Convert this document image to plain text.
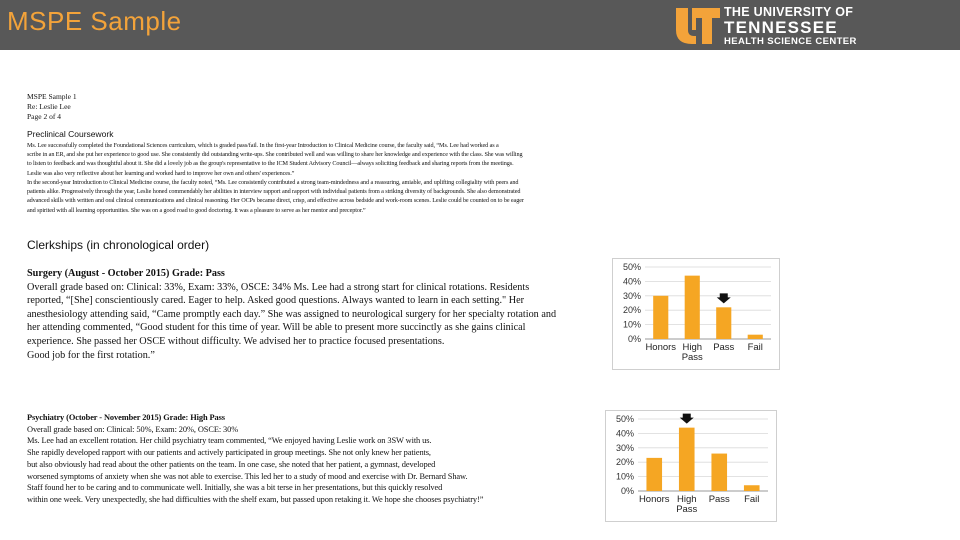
MSPE Sample	THE UNIVERSITY OF
TENNESSEE
HEALTH SCIENCE CENTER
MSPE Sample 1
Re: Leslie Lee
Page 2 of 4
Preclinical Coursework
Ms. Lee successfully completed the Foundational Sciences curriculum, which is graded pass/fail. In the first-year Introduction to Clinical Medicine course, the faculty said, “Ms. Lee had worked as a
scribe in an ER, and she put her experience to good use. She consistently did outstanding write-ups. She contributed well and was willing to share her knowledge and experience with the class. She was willing
to listen to feedback and was thoughtful about it. She did a lovely job as the group's representative to the ICM Student Advisory Council—always soliciting feedback and sharing reports from the meetings.
Leslie was also very reflective about her learning and worked hard to improve her own and others' experiences.”
In the second-year Introduction to Clinical Medicine course, the faculty noted, “Ms. Lee consistently contributed a strong team-mindedness and a reassuring, amiable, and uplifting collegiality with peers and
patients alike. Progressively through the year, Leslie honed commendably her abilities in interview rapport and rapport with individual patients from a striking diversity of backgrounds. She also demonstrated
advanced skills with written and oral clinical communications and clinical reasoning. Her OCPs became direct, crisp, and effective across bedside and work-room scenes. Leslie could be counted on to be eager
and spirited with all learning opportunities. She was on a good road to good doctoring. It was a pleasure to serve as her mentor and preceptor.”
Clerkships (in chronological order)
Surgery (August - October 2015) Grade: Pass
Overall grade based on: Clinical: 33%, Exam: 33%, OSCE: 34% Ms. Lee had a strong start for clinical rotations. Residents
reported, “[She] conscientiously cared. Eager to help. Asked good questions. Always wanted to learn in each setting." Her
anesthesiology attending said, “Came promptly each day.” She was assigned to neurological surgery for her specialty rotation and
her attending commented, “Good student for this time of year. Will be able to present more succinctly as she gains clinical
experience. She passed her OSCE without difficulty. We advised her to practice focused presentations.
Good job for the first rotation.”
Psychiatry (October - November 2015) Grade: High Pass
Overall grade based on: Clinical: 50%, Exam: 20%, OSCE: 30%
Ms. Lee had an excellent rotation. Her child psychiatry team commented, “We enjoyed having Leslie work on 3SW with us.
She rapidly developed rapport with our patients and actively participated in group meetings. She not only knew her patients,
but also obviously had read about the other patients on the team. In one case, she noted that her patient, a gymnast, developed
worsened symptoms of anxiety when she was not able to exercise. This led her to a study of mood and exercise with Dr. Bernard Shaw.
Staff found her to be caring and to communicate well. Initially, she was a bit terse in her presentations, but this quickly resolved
within one week. Very unexpectedly, she had difficulties with the shelf exam, but passed upon retaking it. We hope she chooses psychiatry!”
0%
10%
20%
30%
40%
50%
Honors High
Pass
Pass Fail
0%
10%
20%
30%
40%
50%
Honors High
Pass
Pass Fail
